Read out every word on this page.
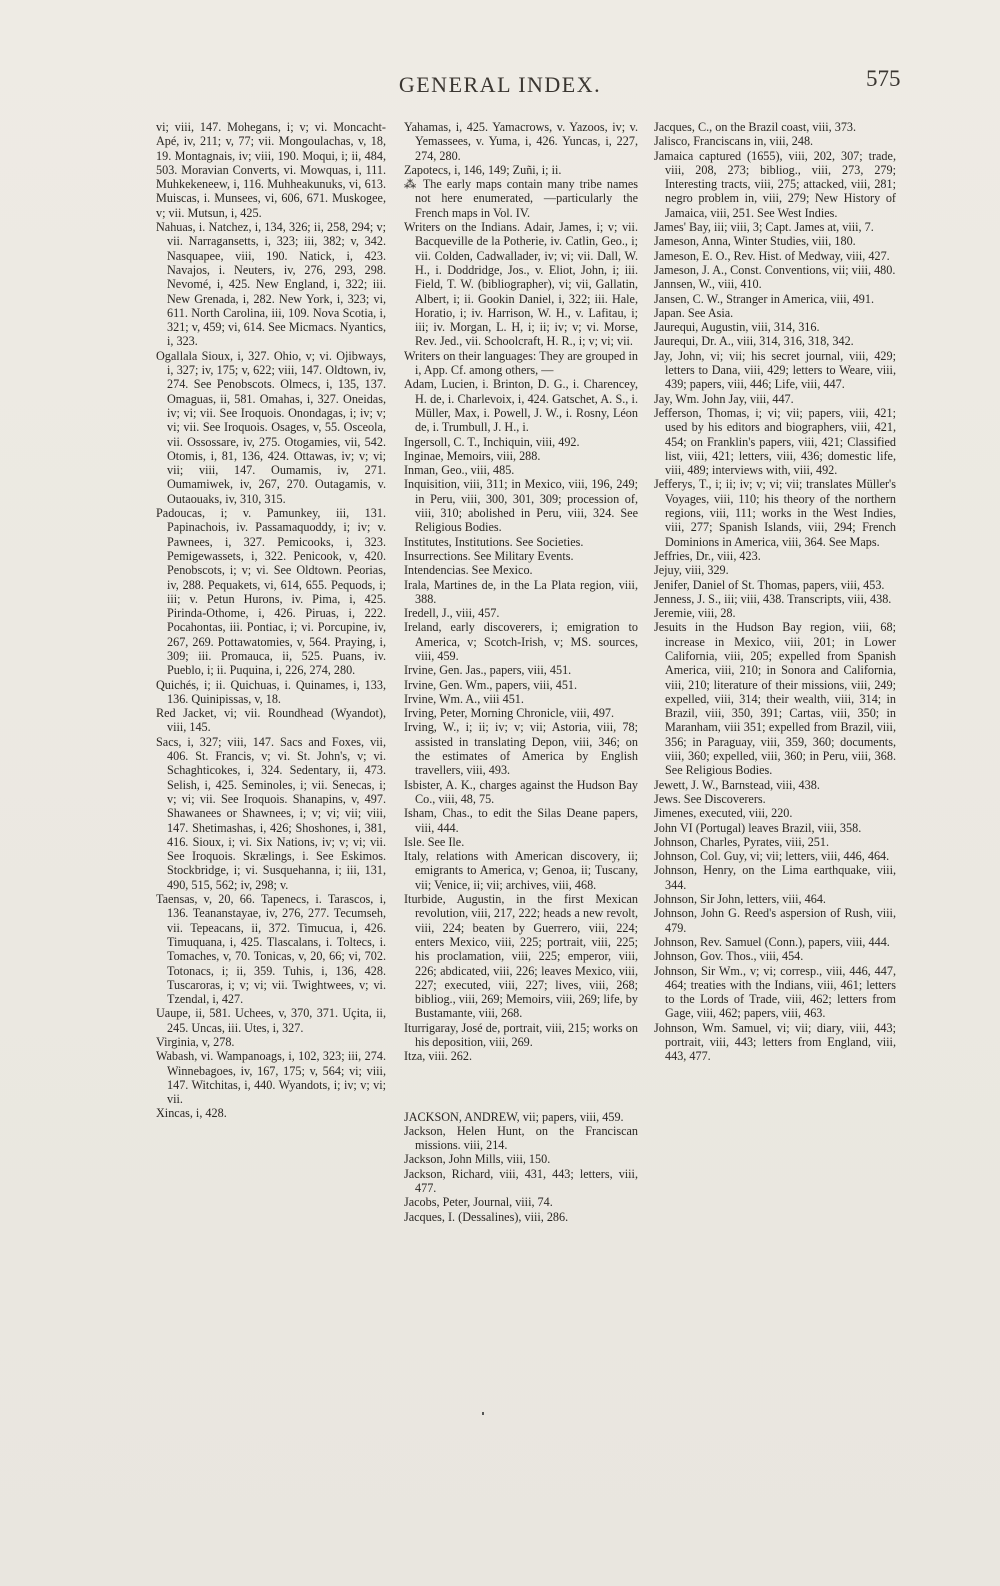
GENERAL INDEX.	575

vi; viii, 147. Mohegans, i; v; vi. Moncacht-Apé, iv, 211; v, 77; vii. Mongoulachas, v, 18, 19. Montagnais, iv; viii, 190. Moqui, i; ii, 484, 503. Moravian Converts, vi. Mowquas, i, 111. Muhkekeneew, i, 116. Muhheakunuks, vi, 613. Muiscas, i. Munsees, vi, 606, 671. Muskogee, v; vii. Mutsun, i, 425.

Nahuas, i. Natchez, i, 134, 326; ii, 258, 294; v; vii. Narragansetts, i, 323; iii, 382; v, 342. Nasquapee, viii, 190. Natick, i, 423. Navajos, i. Neuters, iv, 276, 293, 298. Nevomé, i, 425. New England, i, 322; iii. New Grenada, i, 282. New York, i, 323; vi, 611. North Carolina, iii, 109. Nova Scotia, i, 321; v, 459; vi, 614. See Micmacs. Nyantics, i, 323.

Ogallala Sioux, i, 327. Ohio, v; vi. Ojibways, i, 327; iv, 175; v, 622; viii, 147. Oldtown, iv, 274. See Penobscots. Olmecs, i, 135, 137. Omaguas, ii, 581. Omahas, i, 327. Oneidas, iv; vi; vii. See Iroquois. Onondagas, i; iv; v; vi; vii. See Iroquois. Osages, v, 55. Osceola, vii. Ossossare, iv, 275. Otogamies, vii, 542. Otomis, i, 81, 136, 424. Ottawas, iv; v; vi; vii; viii, 147. Oumamis, iv, 271. Oumamiwek, iv, 267, 270. Outagamis, v. Outaouaks, iv, 310, 315.

Padoucas, i; v. Pamunkey, iii, 131. Papinachois, iv. Passamaquoddy, i; iv; v. Pawnees, i, 327. Pemicooks, i, 323. Pemigewassets, i, 322. Penicook, v, 420. Penobscots, i; v; vi. See Oldtown. Peorias, iv, 288. Pequakets, vi, 614, 655. Pequods, i; iii; v. Petun Hurons, iv. Pima, i, 425. Pirinda-Othome, i, 426. Piruas, i, 222. Pocahontas, iii. Pontiac, i; vi. Porcupine, iv, 267, 269. Pottawatomies, v, 564. Praying, i, 309; iii. Promauca, ii, 525. Puans, iv. Pueblo, i; ii. Puquina, i, 226, 274, 280.

Quichés, i; ii. Quichuas, i. Quinames, i, 133, 136. Quinipissas, v, 18.

Red Jacket, vi; vii. Roundhead (Wyandot), viii, 145.

Sacs, i, 327; viii, 147. Sacs and Foxes, vii, 406. St. Francis, v; vi. St. John's, v; vi. Schaghticokes, i, 324. Sedentary, ii, 473. Selish, i, 425. Seminoles, i; vii. Senecas, i; v; vi; vii. See Iroquois. Shanapins, v, 497. Shawanees or Shawnees, i; v; vi; vii; viii, 147. Shetimashas, i, 426; Shoshones, i, 381, 416. Sioux, i; vi. Six Nations, iv; v; vi; vii. See Iroquois. Skrælings, i. See Eskimos. Stockbridge, i; vi. Susquehanna, i; iii, 131, 490, 515, 562; iv, 298; v.

Taensas, v, 20, 66. Tapenecs, i. Tarascos, i, 136. Teananstayae, iv, 276, 277. Tecumseh, vii. Tepeacans, ii, 372. Timucua, i, 426. Timuquana, i, 425. Tlascalans, i. Toltecs, i. Tomaches, v, 70. Tonicas, v, 20, 66; vi, 702. Totonacs, i; ii, 359. Tuhis, i, 136, 428. Tuscaroras, i; v; vi; vii. Twightwees, v; vi. Tzendal, i, 427.

Uaupe, ii, 581. Uchees, v, 370, 371. Uçita, ii, 245. Uncas, iii. Utes, i, 327.

Virginia, v, 278.

Wabash, vi. Wampanoags, i, 102, 323; iii, 274. Winnebagoes, iv, 167, 175; v, 564; vi; viii, 147. Witchitas, i, 440. Wyandots, i; iv; v; vi; vii.

Xincas, i, 428.

Yahamas, i, 425. Yamacrows, v. Yazoos, iv; v. Yemassees, v. Yuma, i, 426. Yuncas, i, 227, 274, 280.

Zapotecs, i, 146, 149; Zuñi, i; ii.

⁂ The early maps contain many tribe names not here enumerated, —particularly the French maps in Vol. IV.

Writers on the Indians. Adair, James, i; v; vii. Bacqueville de la Potherie, iv. Catlin, Geo., i; vii. Colden, Cadwallader, iv; vi; vii. Dall, W. H., i. Doddridge, Jos., v. Eliot, John, i; iii. Field, T. W. (bibliographer), vi; vii, Gallatin, Albert, i; ii. Gookin Daniel, i, 322; iii. Hale, Horatio, i; iv. Harrison, W. H., v. Lafitau, i; iii; iv. Morgan, L. H, i; ii; iv; v; vi. Morse, Rev. Jed., vii. Schoolcraft, H. R., i; v; vi; vii.

Writers on their languages: They are grouped in i, App. Cf. among others, —

Adam, Lucien, i. Brinton, D. G., i. Charencey, H. de, i. Charlevoix, i, 424. Gatschet, A. S., i. Müller, Max, i. Powell, J. W., i. Rosny, Léon de, i. Trumbull, J. H., i.

Ingersoll, C. T., Inchiquin, viii, 492.

Inginae, Memoirs, viii, 288.

Inman, Geo., viii, 485.

Inquisition, viii, 311; in Mexico, viii, 196, 249; in Peru, viii, 300, 301, 309; procession of, viii, 310; abolished in Peru, viii, 324. See Religious Bodies.

Institutes, Institutions. See Societies.

Insurrections. See Military Events.

Intendencias. See Mexico.

Irala, Martines de, in the La Plata region, viii, 388.

Iredell, J., viii, 457.

Ireland, early discoverers, i; emigration to America, v; Scotch-Irish, v; MS. sources, viii, 459.

Irvine, Gen. Jas., papers, viii, 451.

Irvine, Gen. Wm., papers, viii, 451.

Irvine, Wm. A., viii 451.

Irving, Peter, Morning Chronicle, viii, 497.

Irving, W., i; ii; iv; v; vii; Astoria, viii, 78; assisted in translating Depon, viii, 346; on the estimates of America by English travellers, viii, 493.

Isbister, A. K., charges against the Hudson Bay Co., viii, 48, 75.

Isham, Chas., to edit the Silas Deane papers, viii, 444.

Isle. See Ile.

Italy, relations with American discovery, ii; emigrants to America, v; Genoa, ii; Tuscany, vii; Venice, ii; vii; archives, viii, 468.

Iturbide, Augustin, in the first Mexican revolution, viii, 217, 222; heads a new revolt, viii, 224; beaten by Guerrero, viii, 224; enters Mexico, viii, 225; portrait, viii, 225; his proclamation, viii, 225; emperor, viii, 226; abdicated, viii, 226; leaves Mexico, viii, 227; executed, viii, 227; lives, viii, 268; bibliog., viii, 269; Memoirs, viii, 269; life, by Bustamante, viii, 268.

Iturrigaray, José de, portrait, viii, 215; works on his deposition, viii, 269.

Itza, viii. 262.

JACKSON, ANDREW, vii; papers, viii, 459.

Jackson, Helen Hunt, on the Franciscan missions. viii, 214.

Jackson, John Mills, viii, 150.

Jackson, Richard, viii, 431, 443; letters, viii, 477.

Jacobs, Peter, Journal, viii, 74.

Jacques, I. (Dessalines), viii, 286.

Jacques, C., on the Brazil coast, viii, 373.

Jalisco, Franciscans in, viii, 248.

Jamaica captured (1655), viii, 202, 307; trade, viii, 208, 273; bibliog., viii, 273, 279; Interesting tracts, viii, 275; attacked, viii, 281; negro problem in, viii, 279; New History of Jamaica, viii, 251. See West Indies.

James' Bay, iii; viii, 3; Capt. James at, viii, 7.

Jameson, Anna, Winter Studies, viii, 180.

Jameson, E. O., Rev. Hist. of Medway, viii, 427.

Jameson, J. A., Const. Conventions, vii; viii, 480.

Jannsen, W., viii, 410.

Jansen, C. W., Stranger in America, viii, 491.

Japan. See Asia.

Jaurequi, Augustin, viii, 314, 316.

Jaurequi, Dr. A., viii, 314, 316, 318, 342.

Jay, John, vi; vii; his secret journal, viii, 429; letters to Dana, viii, 429; letters to Weare, viii, 439; papers, viii, 446; Life, viii, 447.

Jay, Wm. John Jay, viii, 447.

Jefferson, Thomas, i; vi; vii; papers, viii, 421; used by his editors and biographers, viii, 421, 454; on Franklin's papers, viii, 421; Classified list, viii, 421; letters, viii, 436; domestic life, viii, 489; interviews with, viii, 492.

Jefferys, T., i; ii; iv; v; vi; vii; translates Müller's Voyages, viii, 110; his theory of the northern regions, viii, 111; works in the West Indies, viii, 277; Spanish Islands, viii, 294; French Dominions in America, viii, 364. See Maps.

Jeffries, Dr., viii, 423.

Jejuy, viii, 329.

Jenifer, Daniel of St. Thomas, papers, viii, 453.

Jenness, J. S., iii; viii, 438. Transcripts, viii, 438.

Jeremie, viii, 28.

Jesuits in the Hudson Bay region, viii, 68; increase in Mexico, viii, 201; in Lower California, viii, 205; expelled from Spanish America, viii, 210; in Sonora and California, viii, 210; literature of their missions, viii, 249; expelled, viii, 314; their wealth, viii, 314; in Brazil, viii, 350, 391; Cartas, viii, 350; in Maranham, viii 351; expelled from Brazil, viii, 356; in Paraguay, viii, 359, 360; documents, viii, 360; expelled, viii, 360; in Peru, viii, 368. See Religious Bodies.

Jewett, J. W., Barnstead, viii, 438.

Jews. See Discoverers.

Jimenes, executed, viii, 220.

John VI (Portugal) leaves Brazil, viii, 358.

Johnson, Charles, Pyrates, viii, 251.

Johnson, Col. Guy, vi; vii; letters, viii, 446, 464.

Johnson, Henry, on the Lima earthquake, viii, 344.

Johnson, Sir John, letters, viii, 464.

Johnson, John G. Reed's aspersion of Rush, viii, 479.

Johnson, Rev. Samuel (Conn.), papers, viii, 444.

Johnson, Gov. Thos., viii, 454.

Johnson, Sir Wm., v; vi; corresp., viii, 446, 447, 464; treaties with the Indians, viii, 461; letters to the Lords of Trade, viii, 462; letters from Gage, viii, 462; papers, viii, 463.

Johnson, Wm. Samuel, vi; vii; diary, viii, 443; portrait, viii, 443; letters from England, viii, 443, 477.
